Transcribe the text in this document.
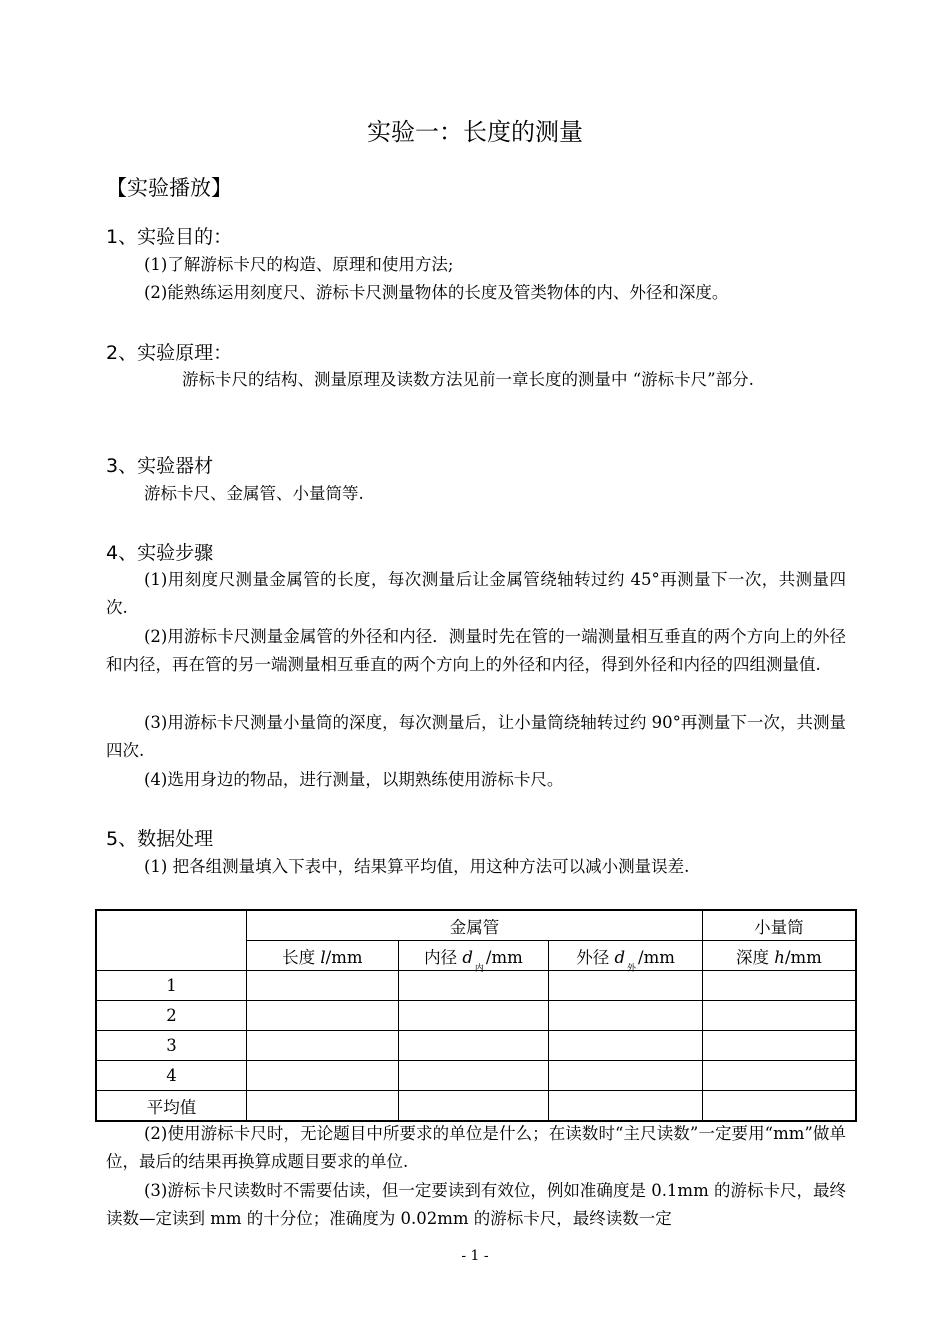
实验一：长度的测量
【实验播放】
1、实验目的：
(1)了解游标卡尺的构造、原理和使用方法;
(2)能熟练运用刻度尺、游标卡尺测量物体的长度及管类物体的内、外径和深度。
2、实验原理：
游标卡尺的结构、测量原理及读数方法见前一章长度的测量中 “游标卡尺”部分.
3、实验器材
游标卡尺、金属管、小量筒等.
4、实验步骤
(1)用刻度尺测量金属管的长度，每次测量后让金属管绕轴转过约 45°再测量下一次，共测量四次.
(2)用游标卡尺测量金属管的外径和内径．测量时先在管的一端测量相互垂直的两个方向上的外径和内径，再在管的另一端测量相互垂直的两个方向上的外径和内径，得到外径和内径的四组测量值.
(3)用游标卡尺测量小量筒的深度，每次测量后，让小量筒绕轴转过约 90°再测量下一次，共测量四次.
(4)选用身边的物品，进行测量，以期熟练使用游标卡尺。
5、数据处理
(1) 把各组测量填入下表中，结果算平均值，用这种方法可以减小测量误差.
	金属管			小量筒
	长度 l/mm	内径 $d_内/mm$	外径 $d_外/mm$	深度 h/mm
1				
2				
3				
4				
平均值				
(2)使用游标卡尺时，无论题目中所要求的单位是什么；在读数时“主尺读数”一定要用“mm”做单位，最后的结果再换算成题目要求的单位.
(3)游标卡尺读数时不需要估读，但一定要读到有效位，例如准确度是 0.1mm 的游标卡尺，最终读数—定读到 mm 的十分位；准确度为 0.02mm 的游标卡尺，最终读数一定
- 1 -
